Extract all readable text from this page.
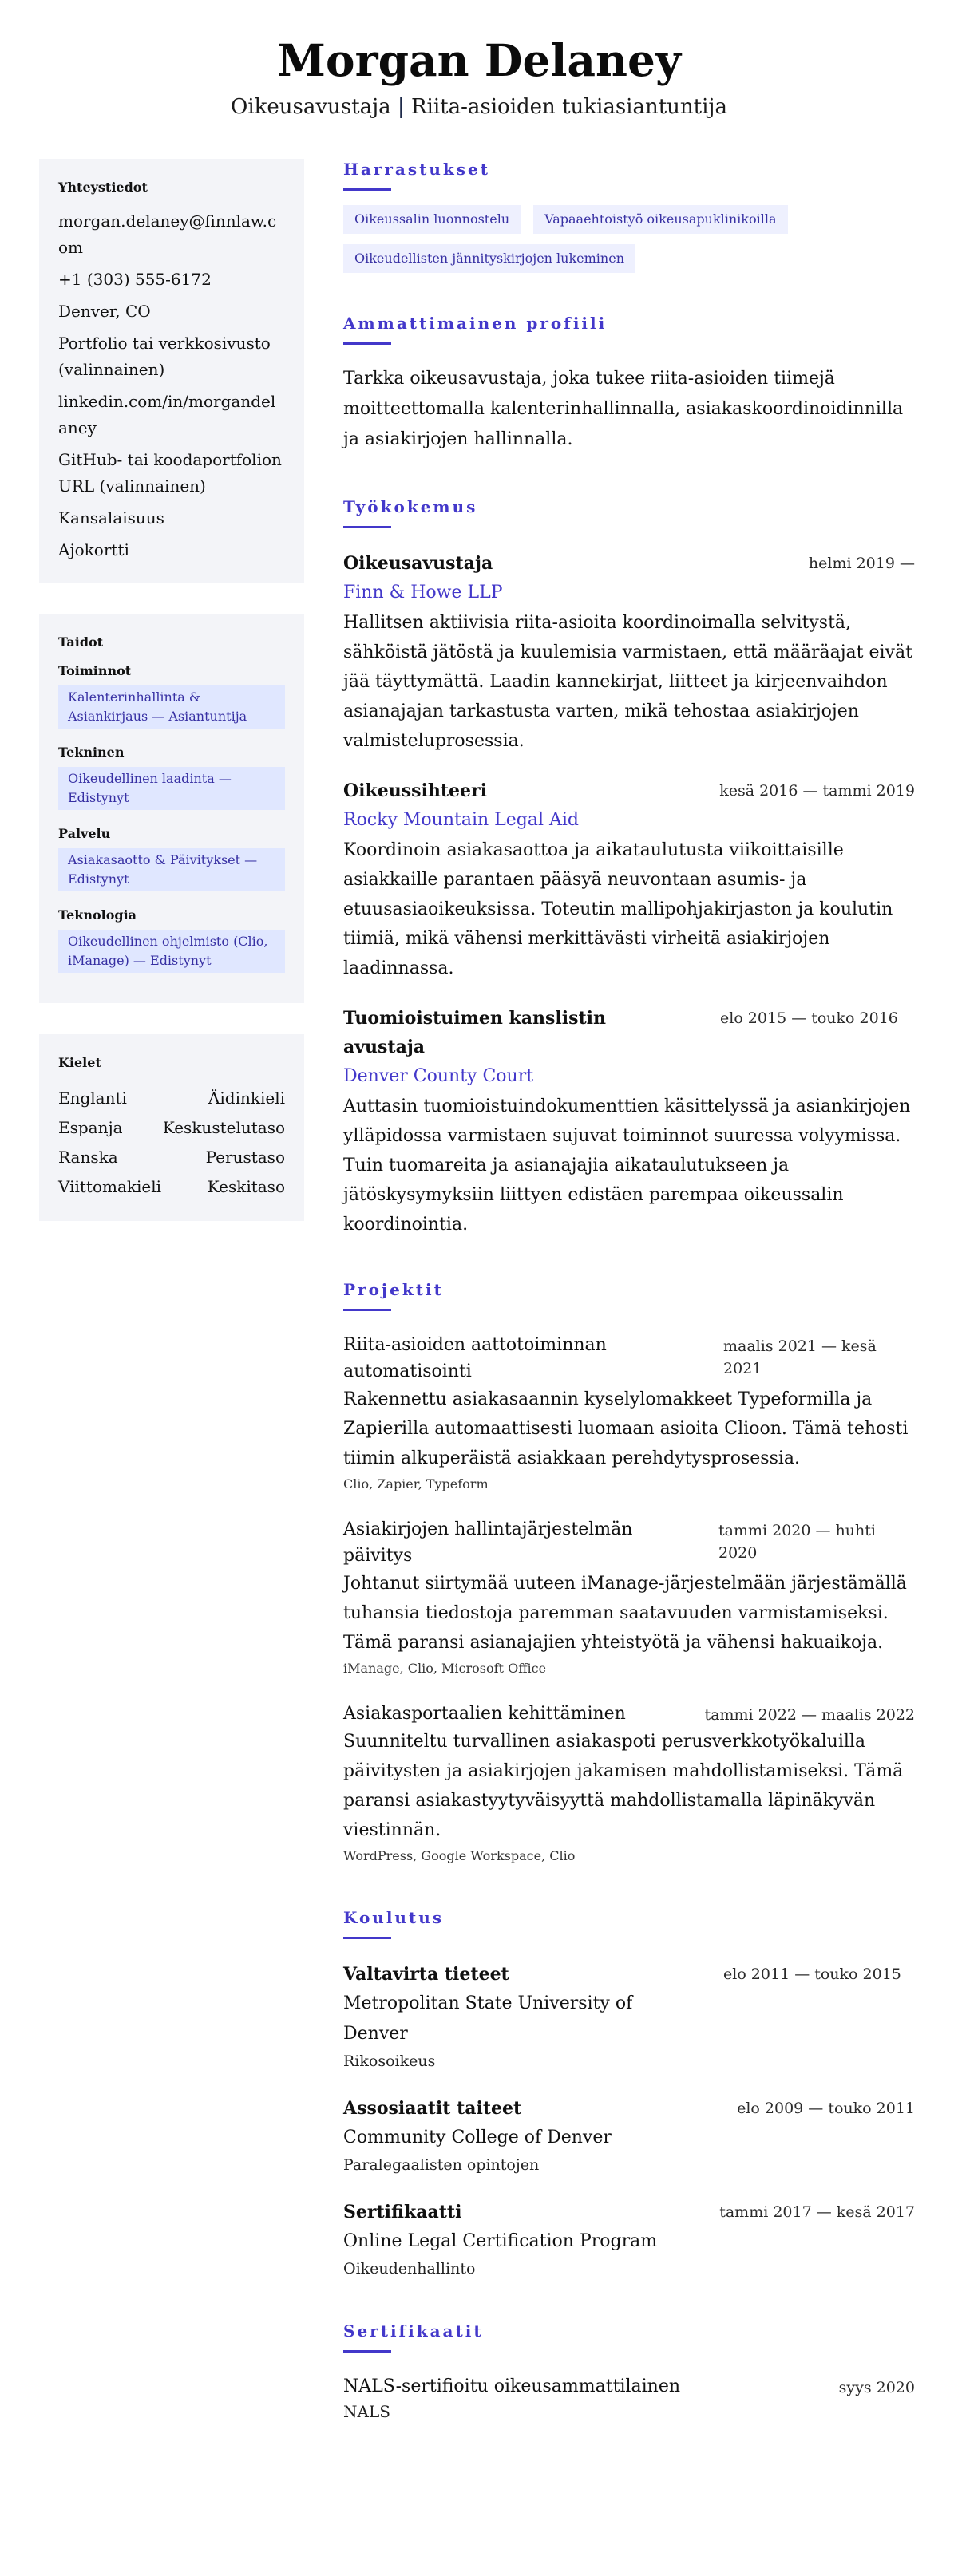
Morgan Delaney
Oikeusavustaja | Riita-asioiden tukiasiantuntija
Yhteystiedot
morgan.delaney@finnlaw.com
+1 (303) 555-6172
Denver, CO
Portfolio tai verkkosivusto (valinnainen)
linkedin.com/in/morgandelaney
GitHub- tai koodaportfolion URL (valinnainen)
Kansalaisuus
Ajokortti
Taidot
Toiminnot
Kalenterinhallinta & Asiankirjaus — Asiantuntija
Tekninen
Oikeudellinen laadinta — Edistynyt
Palvelu
Asiakasaotto & Päivitykset — Edistynyt
Teknologia
Oikeudellinen ohjelmisto (Clio, iManage) — Edistynyt
Kielet
Englanti	Äidinkieli
Espanja	Keskustelutaso
Ranska	Perustaso
Viittomakieli	Keskitaso
Harrastukset
Oikeussalin luonnostelu	Vapaaehtoistyö oikeusapuklinikoilla
Oikeudellisten jännityskirjojen lukeminen
Ammattimainen profiili

Tarkka oikeusavustaja, joka tukee riita-asioiden tiimejä moitteettomalla kalenterinhallinnalla, asiakaskoordinoidinnilla ja asiakirjojen hallinnalla.

Työkokemus
Oikeusavustaja	helmi 2019 —
Finn & Howe LLP

Hallitsen aktiivisia riita-asioita koordinoimalla selvitystä, sähköistä jätöstä ja kuulemisia varmistaen, että määräajat eivät jää täyttymättä. Laadin kannekirjat, liitteet ja kirjeenvaihdon asianajajan tarkastusta varten, mikä tehostaa asiakirjojen valmisteluprosessia.

Oikeussihteeri	kesä 2016 — tammi 2019
Rocky Mountain Legal Aid

Koordinoin asiakasaottoa ja aikataulutusta viikoittaisille asiakkaille parantaen pääsyä neuvontaan asumis- ja etuusasiaoikeuksissa. Toteutin mallipohjakirjaston ja koulutin tiimiä, mikä vähensi merkittävästi virheitä asiakirjojen laadinnassa.

Tuomioistuimen kanslistin avustaja
elo 2015 — touko 2016
Denver County Court

Auttasin tuomioistuindokumenttien käsittelyssä ja asiankirjojen ylläpidossa varmistaen sujuvat toiminnot suuressa volyymissa. Tuin tuomareita ja asianajajia aikataulutukseen ja jätöskysymyksiin liittyen edistäen parempaa oikeussalin koordinointia.

Projektit
Riita-asioiden aattotoiminnan automatisointi
maalis 2021 — kesä 2021

Rakennettu asiakasaannin kyselylomakkeet Typeformilla ja Zapierilla automaattisesti luomaan asioita Clioon. Tämä tehosti tiimin alkuperäistä asiakkaan perehdytysprosessia.

Clio, Zapier, Typeform
Asiakirjojen hallintajärjestelmän päivitys
tammi 2020 — huhti 2020

Johtanut siirtymää uuteen iManage-järjestelmään järjestämällä tuhansia tiedostoja paremman saatavuuden varmistamiseksi. Tämä paransi asianajajien yhteistyötä ja vähensi hakuaikoja.

iManage, Clio, Microsoft Office
Asiakasportaalien kehittäminen	tammi 2022 — maalis 2022

Suunniteltu turvallinen asiakaspoti perusverkkotyökaluilla päivitysten ja asiakirjojen jakamisen mahdollistamiseksi. Tämä paransi asiakastyytyväisyyttä mahdollistamalla läpinäkyvän viestinnän.

WordPress, Google Workspace, Clio
Koulutus
Valtavirta tieteet
Metropolitan State University of Denver
Rikosoikeus
elo 2011 — touko 2015
Assosiaatit taiteet
Community College of Denver
Paralegaalisten opintojen
elo 2009 — touko 2011
Sertifikaatti
Online Legal Certification Program
Oikeudenhallinto
tammi 2017 — kesä 2017
Sertifikaatit
NALS-sertifioitu oikeusammattilainen	syys 2020
NALS
